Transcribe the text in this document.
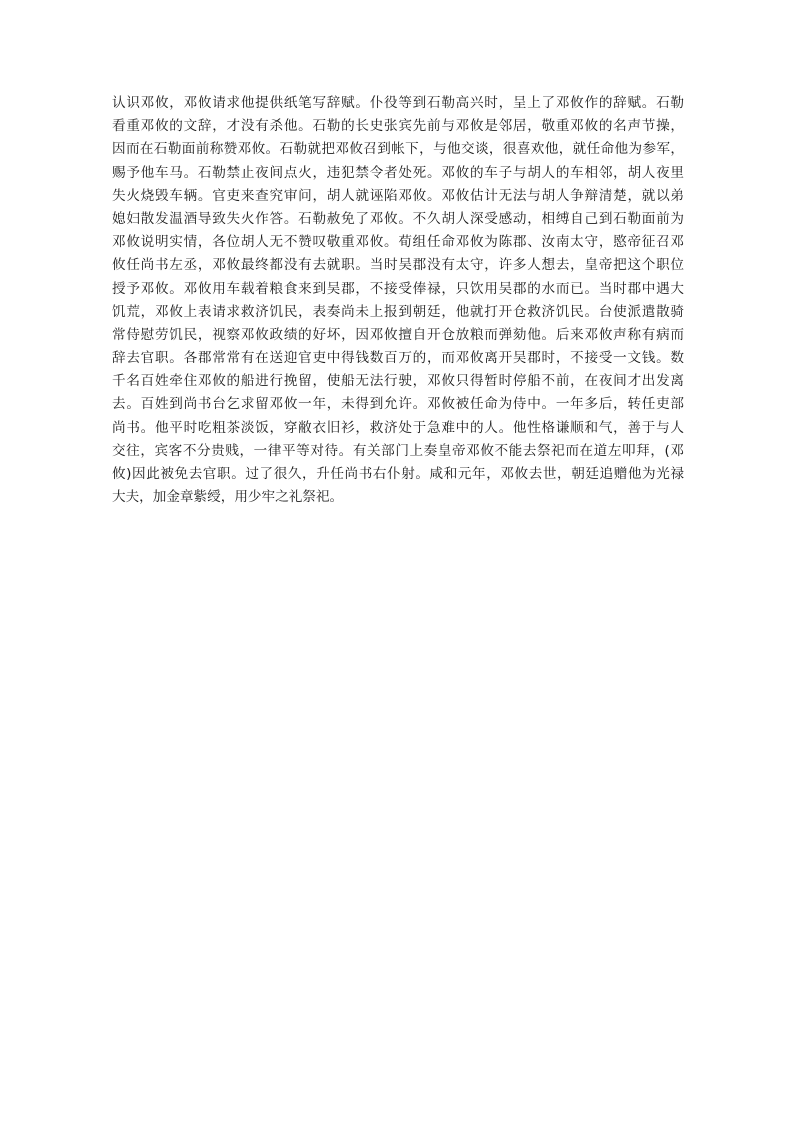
认识邓攸，邓攸请求他提供纸笔写辞赋。仆役等到石勒高兴时，呈上了邓攸作的辞赋。石勒
看重邓攸的文辞，才没有杀他。石勒的长史张宾先前与邓攸是邻居，敬重邓攸的名声节操，
因而在石勒面前称赞邓攸。石勒就把邓攸召到帐下，与他交谈，很喜欢他，就任命他为参军，
赐予他车马。石勒禁止夜间点火，违犯禁令者处死。邓攸的车子与胡人的车相邻，胡人夜里
失火烧毁车辆。官吏来查究审问，胡人就诬陷邓攸。邓攸估计无法与胡人争辩清楚，就以弟
媳妇散发温酒导致失火作答。石勒赦免了邓攸。不久胡人深受感动，相缚自己到石勒面前为
邓攸说明实情，各位胡人无不赞叹敬重邓攸。荀组任命邓攸为陈郡、汝南太守，愍帝征召邓
攸任尚书左丞，邓攸最终都没有去就职。当时吴郡没有太守，许多人想去，皇帝把这个职位
授予邓攸。邓攸用车载着粮食来到吴郡，不接受俸禄，只饮用吴郡的水而已。当时郡中遇大
饥荒，邓攸上表请求救济饥民，表奏尚未上报到朝廷，他就打开仓救济饥民。台使派遣散骑
常侍慰劳饥民，视察邓攸政绩的好坏，因邓攸擅自开仓放粮而弹劾他。后来邓攸声称有病而
辞去官职。各郡常常有在送迎官吏中得钱数百万的，而邓攸离开吴郡时，不接受一文钱。数
千名百姓牵住邓攸的船进行挽留，使船无法行驶，邓攸只得暂时停船不前，在夜间才出发离
去。百姓到尚书台乞求留邓攸一年，未得到允许。邓攸被任命为侍中。一年多后，转任吏部
尚书。他平时吃粗茶淡饭，穿敝衣旧衫，救济处于急难中的人。他性格谦顺和气，善于与人
交往，宾客不分贵贱，一律平等对待。有关部门上奏皇帝邓攸不能去祭祀而在道左叩拜，(邓
攸)因此被免去官职。过了很久，升任尚书右仆射。咸和元年，邓攸去世，朝廷追赠他为光禄
大夫，加金章紫绶，用少牢之礼祭祀。
